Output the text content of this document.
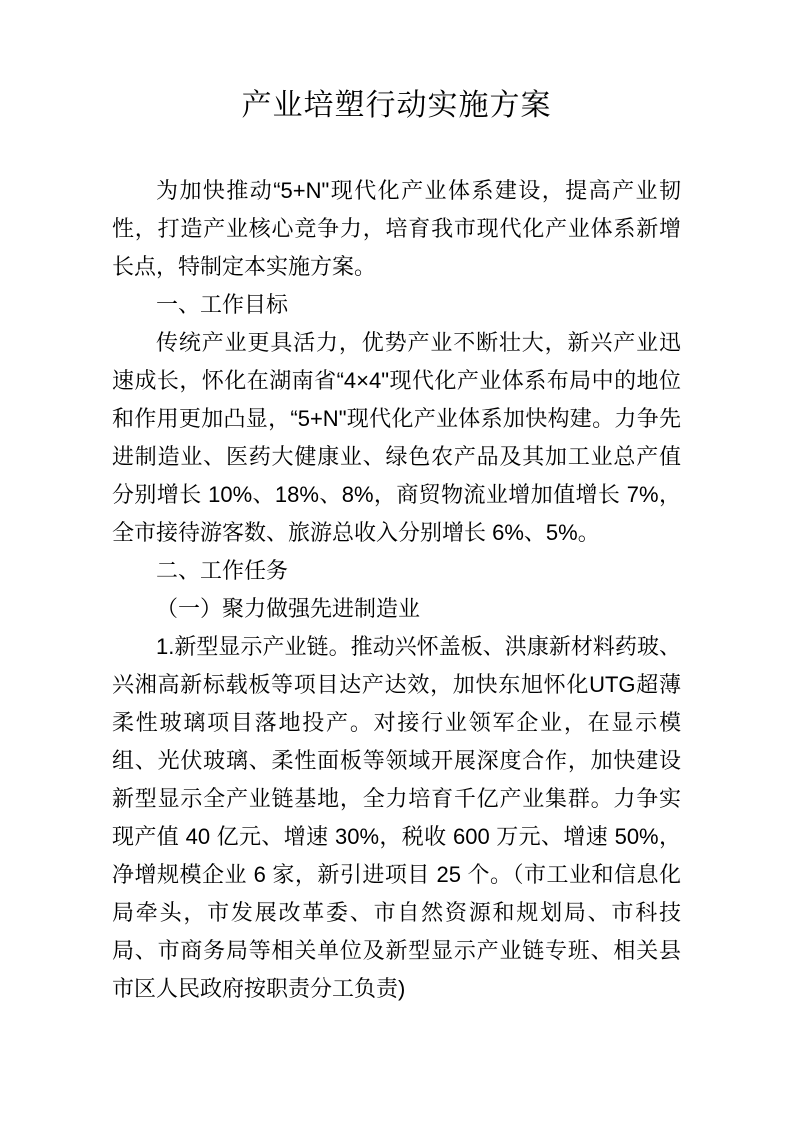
产业培塑行动实施方案

为加快推动“5+N"现代化产业体系建设，提高产业韧性，打造产业核心竞争力，培育我市现代化产业体系新增长点，特制定本实施方案。

一、工作目标

传统产业更具活力，优势产业不断壮大，新兴产业迅速成长，怀化在湖南省“4×4"现代化产业体系布局中的地位和作用更加凸显，“5+N"现代化产业体系加快构建。力争先进制造业、医药大健康业、绿色农产品及其加工业总产值分别增长 10%、18%、8%，商贸物流业增加值增长 7%，全市接待游客数、旅游总收入分别增长 6%、5%。

二、工作任务

（一）聚力做强先进制造业

1.新型显示产业链。推动兴怀盖板、洪康新材料药玻、兴湘高新标载板等项目达产达效，加快东旭怀化UTG超薄柔性玻璃项目落地投产。对接行业领军企业，在显示模组、光伏玻璃、柔性面板等领域开展深度合作，加快建设新型显示全产业链基地，全力培育千亿产业集群。力争实现产值 40 亿元、增速 30%，税收 600 万元、增速 50%，净增规模企业 6 家，新引进项目 25 个。（市工业和信息化局牵头，市发展改革委、市自然资源和规划局、市科技局、市商务局等相关单位及新型显示产业链专班、相关县市区人民政府按职责分工负责)
